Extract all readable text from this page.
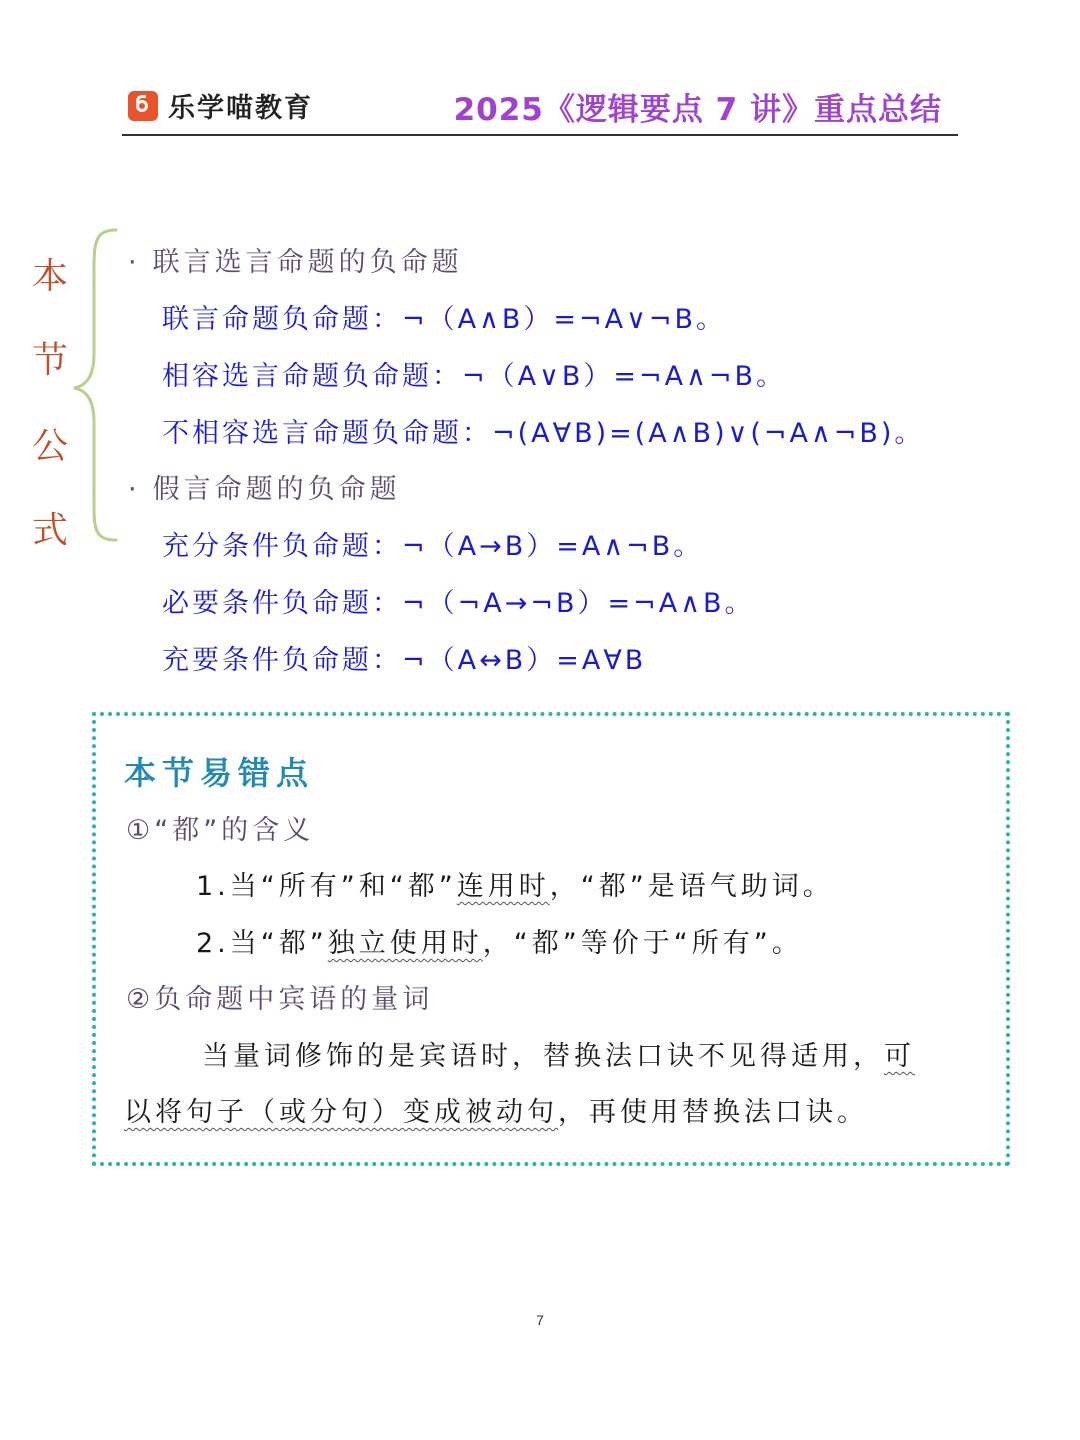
乐学喵教育	2025《逻辑要点 7 讲》重点总结
本
节
公
式
· 联言选言命题的负命题
联言命题负命题：¬（A∧B）=¬A∨¬B。
相容选言命题负命题：¬（A∨B）=¬A∧¬B。
不相容选言命题负命题：¬(A∀B)=(A∧B)∨(¬A∧¬B)。
· 假言命题的负命题
充分条件负命题：¬（A→B）=A∧¬B。
必要条件负命题：¬（¬A→¬B）=¬A∧B。
充要条件负命题：¬（A↔B）=A∀B
本节易错点
①“都”的含义
1.当“所有”和“都”连用时，“都”是语气助词。
2.当“都”独立使用时，“都”等价于“所有”。
②负命题中宾语的量词
当量词修饰的是宾语时，替换法口诀不见得适用，可
以将句子（或分句）变成被动句，再使用替换法口诀。
7
